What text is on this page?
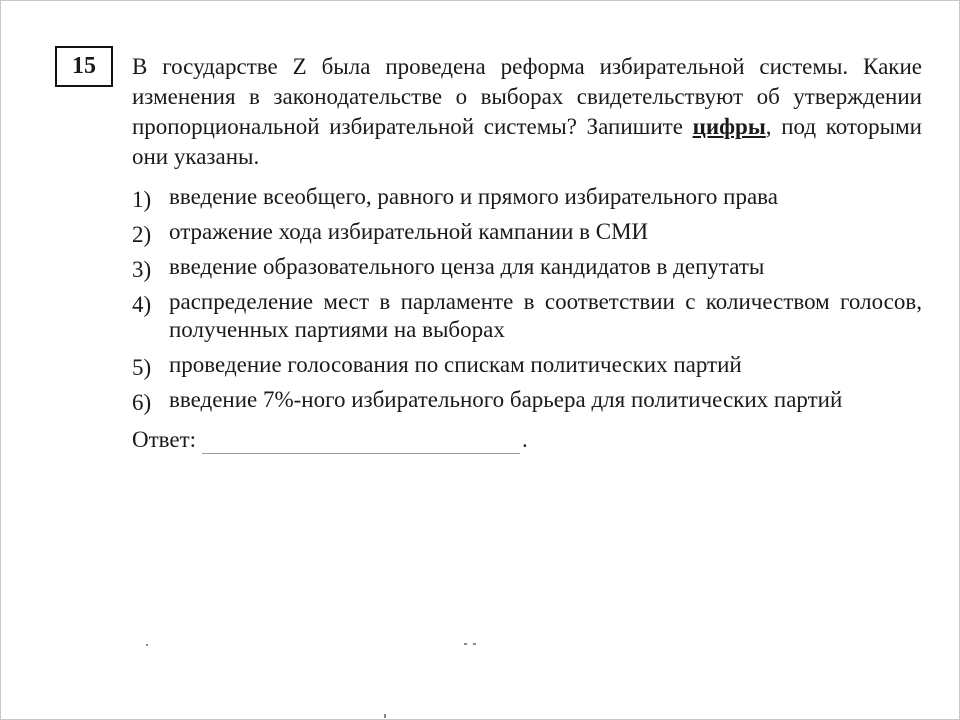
15 В государстве Z была проведена реформа избирательной системы. Какие изменения в законодательстве о выборах свидетельствуют об утверждении пропорциональной избирательной системы? Запишите цифры, под которыми они указаны.

1) введение всеобщего, равного и прямого избирательного права
2) отражение хода избирательной кампании в СМИ
3) введение образовательного ценза для кандидатов в депутаты
4) распределение мест в парламенте в соответствии с количеством голосов, полученных партиями на выборах
5) проведение голосования по спискам политических партий
6) введение 7%-ного избирательного барьера для политических партий
Ответ:	.
